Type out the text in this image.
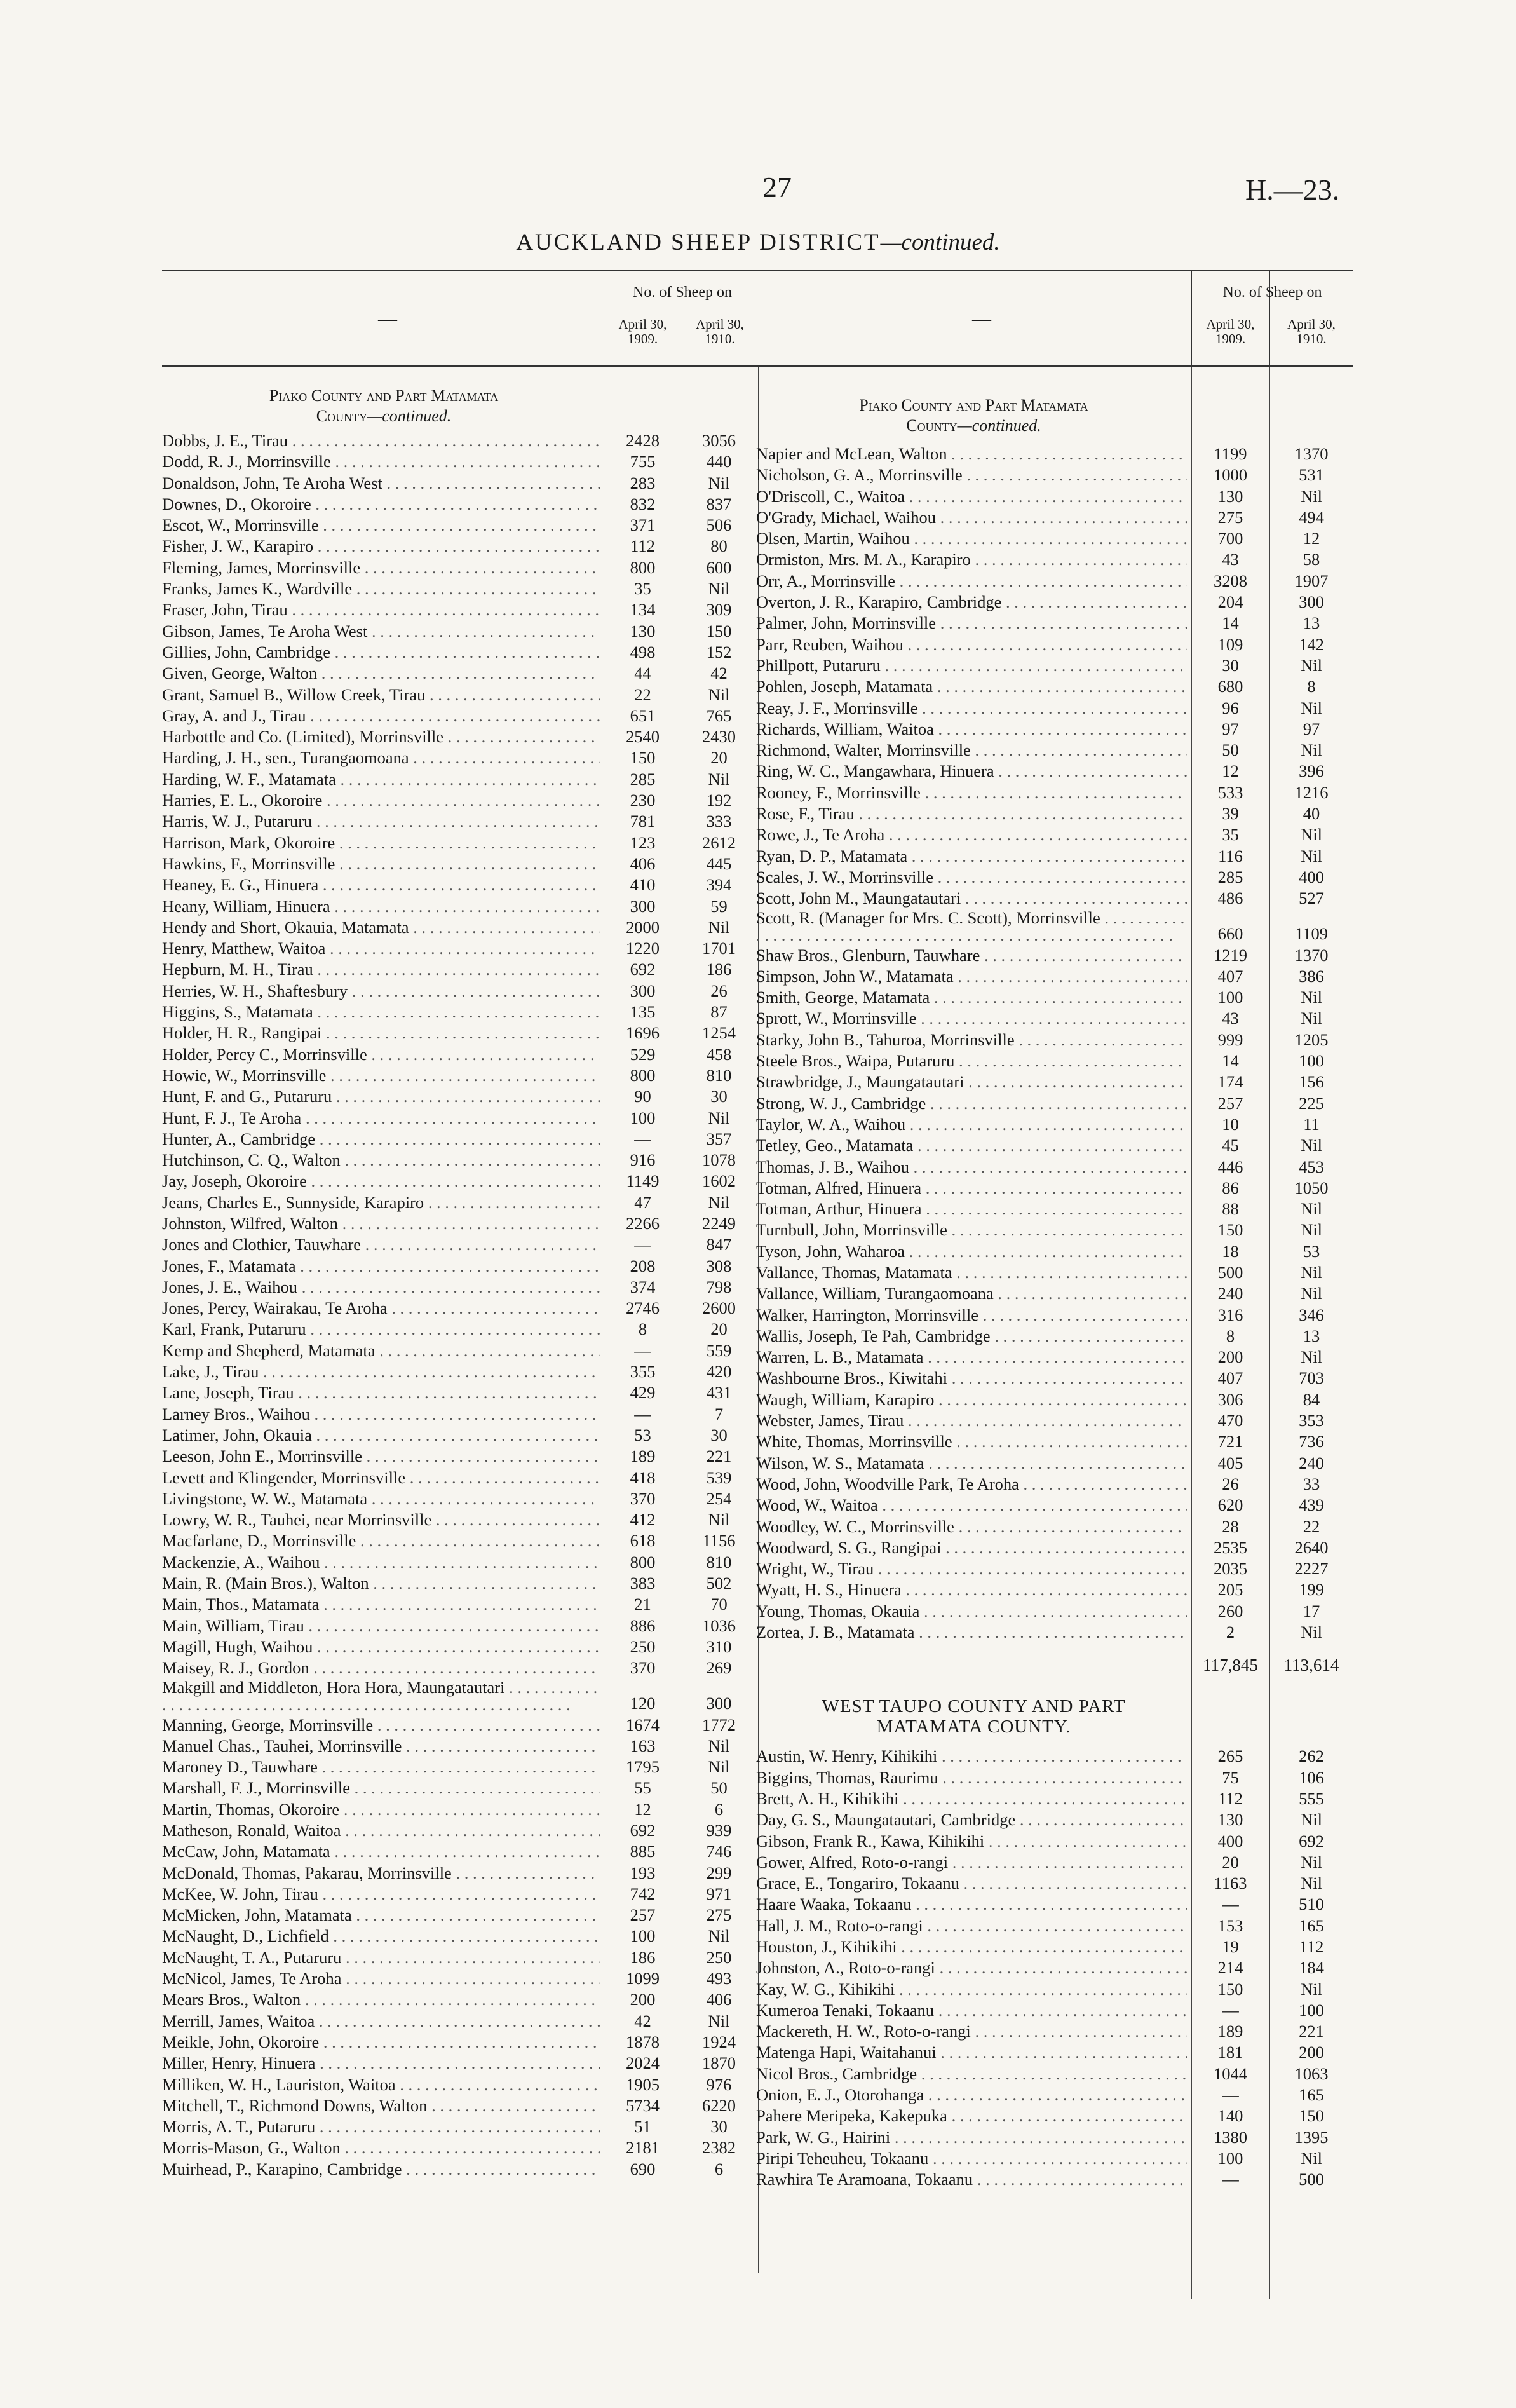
27	H.—23.
AUCKLAND SHEEP DISTRICT—continued.
—
No. of Sheep on
April 30, 1909.
April 30, 1910.
Piako County and Part Matamata
County—continued.
Dobbs, J. E., Tirau . . .	2428	3056
Dodd, R. J., Morrinsville . . .	755	440
Donaldson, John, Te Aroha West . . .	283	Nil
Downes, D., Okoroire . . .	832	837
Escot, W., Morrinsville . . .	371	506
Fisher, J. W., Karapiro . . .	112	80
Fleming, James, Morrinsville . . .	800	600
Franks, James K., Wardville . . .	35	Nil
Fraser, John, Tirau . . .	134	309
Gibson, James, Te Aroha West . . .	130	150
Gillies, John, Cambridge . . .	498	152
Given, George, Walton . . .	44	42
Grant, Samuel B., Willow Creek, Tirau . . .	22	Nil
Gray, A. and J., Tirau . . .	651	765
Harbottle and Co. (Limited), Morrinsville . . .	2540	2430
Harding, J. H., sen., Turangaomoana . . .	150	20
Harding, W. F., Matamata . . .	285	Nil
Harries, E. L., Okoroire . . .	230	192
Harris, W. J., Putaruru . . .	781	333
Harrison, Mark, Okoroire . . .	123	2612
Hawkins, F., Morrinsville . . .	406	445
Heaney, E. G., Hinuera . . .	410	394
Heany, William, Hinuera . . .	300	59
Hendy and Short, Okauia, Matamata . . .	2000	Nil
Henry, Matthew, Waitoa . . .	1220	1701
Hepburn, M. H., Tirau . . .	692	186
Herries, W. H., Shaftesbury . . .	300	26
Higgins, S., Matamata . . .	135	87
Holder, H. R., Rangipai . . .	1696	1254
Holder, Percy C., Morrinsville . . .	529	458
Howie, W., Morrinsville . . .	800	810
Hunt, F. and G., Putaruru . . .	90	30
Hunt, F. J., Te Aroha . . .	100	Nil
Hunter, A., Cambridge . . .	—	357
Hutchinson, C. Q., Walton . . .	916	1078
Jay, Joseph, Okoroire . . .	1149	1602
Jeans, Charles E., Sunnyside, Karapiro . . .	47	Nil
Johnston, Wilfred, Walton . . .	2266	2249
Jones and Clothier, Tauwhare . . .	—	847
Jones, F., Matamata . . .	208	308
Jones, J. E., Waihou . . .	374	798
Jones, Percy, Wairakau, Te Aroha . . .	2746	2600
Karl, Frank, Putaruru . . .	8	20
Kemp and Shepherd, Matamata . . .	—	559
Lake, J., Tirau . . .	355	420
Lane, Joseph, Tirau . . .	429	431
Larney Bros., Waihou . . .	—	7
Latimer, John, Okauia . . .	53	30
Leeson, John E., Morrinsville . . .	189	221
Levett and Klingender, Morrinsville . . .	418	539
Livingstone, W. W., Matamata . . .	370	254
Lowry, W. R., Tauhei, near Morrinsville . . .	412	Nil
Macfarlane, D., Morrinsville . . .	618	1156
Mackenzie, A., Waihou . . .	800	810
Main, R. (Main Bros.), Walton . . .	383	502
Main, Thos., Matamata . . .	21	70
Main, William, Tirau . . .	886	1036
Magill, Hugh, Waihou . . .	250	310
Maisey, R. J., Gordon . . .	370	269
Makgill and Middleton, Hora Hora, Maungatautari . . .
120	300
Manning, George, Morrinsville . . .	1674	1772
Manuel Chas., Tauhei, Morrinsville . . .	163	Nil
Maroney D., Tauwhare . . .	1795	Nil
Marshall, F. J., Morrinsville . . .	55	50
Martin, Thomas, Okoroire . . .	12	6
Matheson, Ronald, Waitoa . . .	692	939
McCaw, John, Matamata . . .	885	746
McDonald, Thomas, Pakarau, Morrinsville . . .	193	299
McKee, W. John, Tirau . . .	742	971
McMicken, John, Matamata . . .	257	275
McNaught, D., Lichfield . . .	100	Nil
McNaught, T. A., Putaruru . . .	186	250
McNicol, James, Te Aroha . . .	1099	493
Mears Bros., Walton . . .	200	406
Merrill, James, Waitoa . . .	42	Nil
Meikle, John, Okoroire . . .	1878	1924
Miller, Henry, Hinuera . . .	2024	1870
Milliken, W. H., Lauriston, Waitoa . . .	1905	976
Mitchell, T., Richmond Downs, Walton . . .	5734	6220
Morris, A. T., Putaruru . . .	51	30
Morris-Mason, G., Walton . . .	2181	2382
Muirhead, P., Karapino, Cambridge . . .	690	6
—
No. of Sheep on
April 30, 1909.
April 30, 1910.
Piako County and Part Matamata
County—continued.
Napier and McLean, Walton . . .	1199	1370
Nicholson, G. A., Morrinsville . . .	1000	531
O'Driscoll, C., Waitoa . . .	130	Nil
O'Grady, Michael, Waihou . . .	275	494
Olsen, Martin, Waihou . . .	700	12
Ormiston, Mrs. M. A., Karapiro . . .	43	58
Orr, A., Morrinsville . . .	3208	1907
Overton, J. R., Karapiro, Cambridge . . .	204	300
Palmer, John, Morrinsville . . .	14	13
Parr, Reuben, Waihou . . .	109	142
Phillpott, Putaruru . . .	30	Nil
Pohlen, Joseph, Matamata . . .	680	8
Reay, J. F., Morrinsville . . .	96	Nil
Richards, William, Waitoa . . .	97	97
Richmond, Walter, Morrinsville . . .	50	Nil
Ring, W. C., Mangawhara, Hinuera . . .	12	396
Rooney, F., Morrinsville . . .	533	1216
Rose, F., Tirau . . .	39	40
Rowe, J., Te Aroha . . .	35	Nil
Ryan, D. P., Matamata . . .	116	Nil
Scales, J. W., Morrinsville . . .	285	400
Scott, John M., Maungatautari . . .	486	527
Scott, R. (Manager for Mrs. C. Scott), Morrinsville . . .
660	1109
Shaw Bros., Glenburn, Tauwhare . . .	1219	1370
Simpson, John W., Matamata . . .	407	386
Smith, George, Matamata . . .	100	Nil
Sprott, W., Morrinsville . . .	43	Nil
Starky, John B., Tahuroa, Morrinsville . . .	999	1205
Steele Bros., Waipa, Putaruru . . .	14	100
Strawbridge, J., Maungatautari . . .	174	156
Strong, W. J., Cambridge . . .	257	225
Taylor, W. A., Waihou . . .	10	11
Tetley, Geo., Matamata . . .	45	Nil
Thomas, J. B., Waihou . . .	446	453
Totman, Alfred, Hinuera . . .	86	1050
Totman, Arthur, Hinuera . . .	88	Nil
Turnbull, John, Morrinsville . . .	150	Nil
Tyson, John, Waharoa . . .	18	53
Vallance, Thomas, Matamata . . .	500	Nil
Vallance, William, Turangaomoana . . .	240	Nil
Walker, Harrington, Morrinsville . . .	316	346
Wallis, Joseph, Te Pah, Cambridge . . .	8	13
Warren, L. B., Matamata . . .	200	Nil
Washbourne Bros., Kiwitahi . . .	407	703
Waugh, William, Karapiro . . .	306	84
Webster, James, Tirau . . .	470	353
White, Thomas, Morrinsville . . .	721	736
Wilson, W. S., Matamata . . .	405	240
Wood, John, Woodville Park, Te Aroha . . .	26	33
Wood, W., Waitoa . . .	620	439
Woodley, W. C., Morrinsville . . .	28	22
Woodward, S. G., Rangipai . . .	2535	2640
Wright, W., Tirau . . .	2035	2227
Wyatt, H. S., Hinuera . . .	205	199
Young, Thomas, Okauia . . .	260	17
Zortea, J. B., Matamata . . .	2	Nil
117,845	113,614
WEST TAUPO COUNTY AND PART
MATAMATA COUNTY.
Austin, W. Henry, Kihikihi . . .	265	262
Biggins, Thomas, Raurimu . . .	75	106
Brett, A. H., Kihikihi . . .	112	555
Day, G. S., Maungatautari, Cambridge . . .	130	Nil
Gibson, Frank R., Kawa, Kihikihi . . .	400	692
Gower, Alfred, Roto-o-rangi . . .	20	Nil
Grace, E., Tongariro, Tokaanu . . .	1163	Nil
Haare Waaka, Tokaanu . . .	—	510
Hall, J. M., Roto-o-rangi . . .	153	165
Houston, J., Kihikihi . . .	19	112
Johnston, A., Roto-o-rangi . . .	214	184
Kay, W. G., Kihikihi . . .	150	Nil
Kumeroa Tenaki, Tokaanu . . .	—	100
Mackereth, H. W., Roto-o-rangi . . .	189	221
Matenga Hapi, Waitahanui . . .	181	200
Nicol Bros., Cambridge . . .	1044	1063
Onion, E. J., Otorohanga . . .	—	165
Pahere Meripeka, Kakepuka . . .	140	150
Park, W. G., Hairini . . .	1380	1395
Piripi Teheuheu, Tokaanu . . .	100	Nil
Rawhira Te Aramoana, Tokaanu . . .	—	500
